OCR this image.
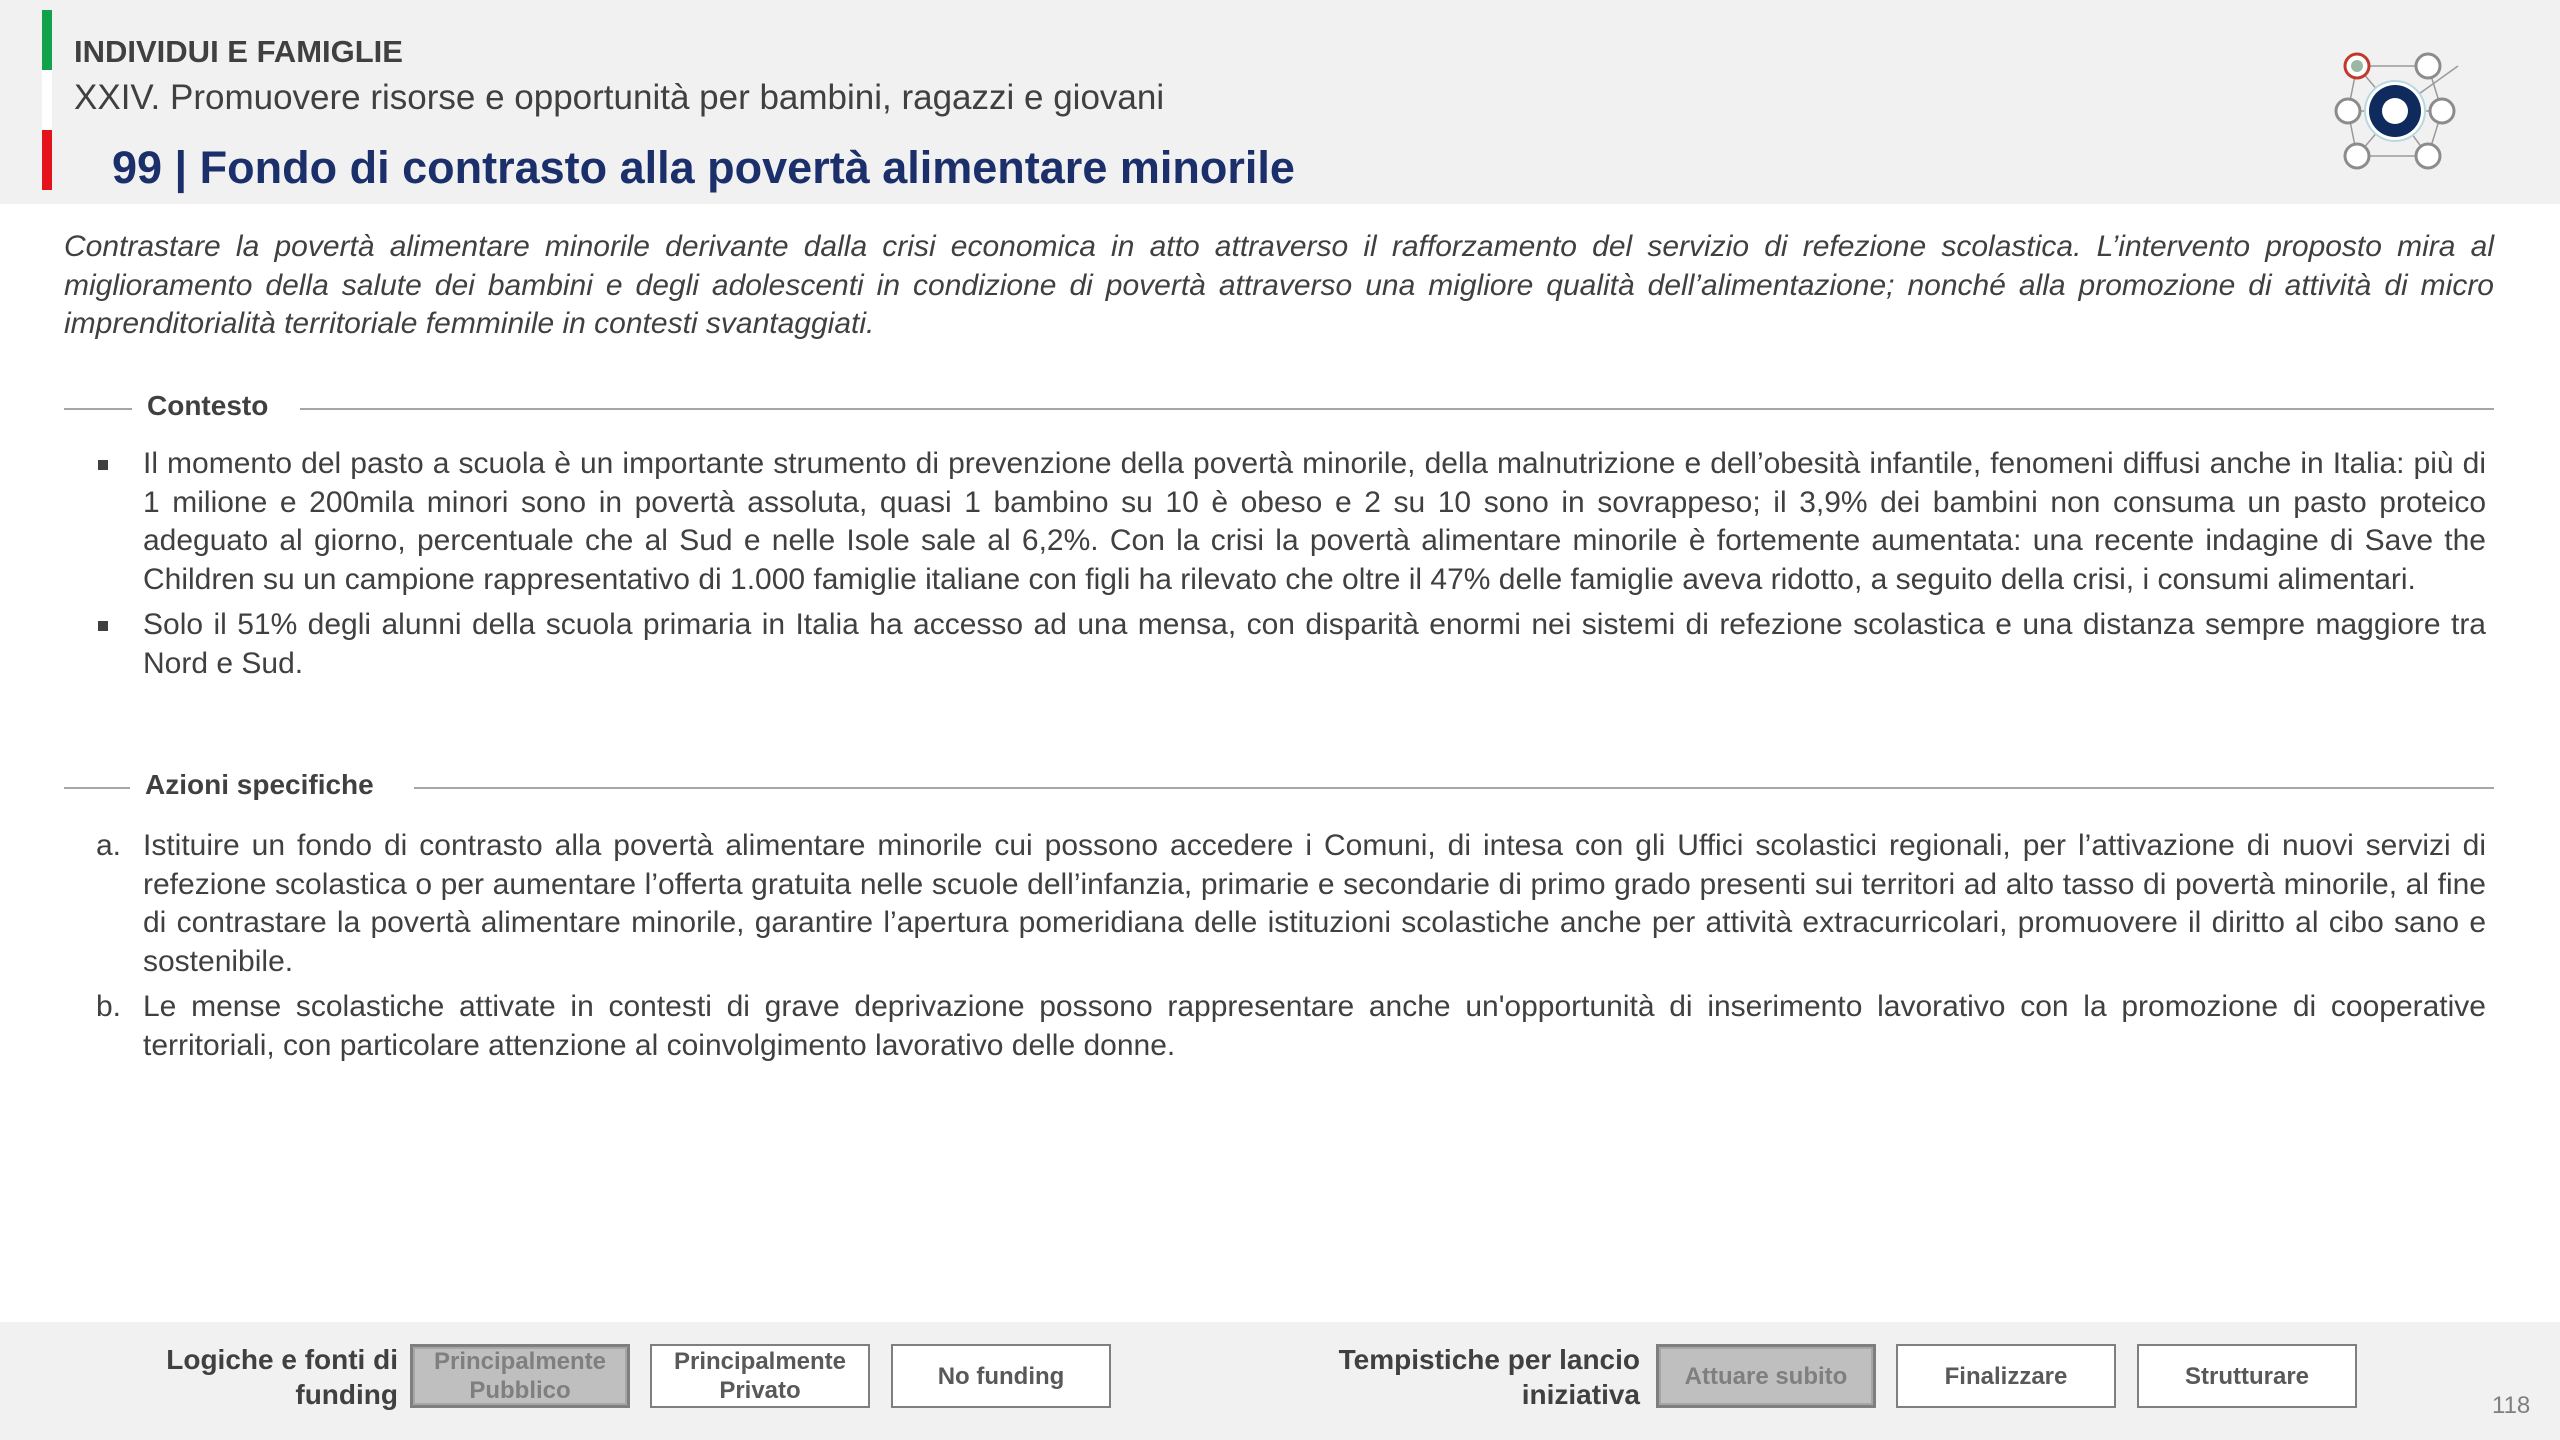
INDIVIDUI E FAMIGLIE
XXIV. Promuovere risorse e opportunità per bambini, ragazzi e giovani
99 | Fondo di contrasto alla povertà alimentare minorile
Contrastare la povertà alimentare minorile derivante dalla crisi economica in atto attraverso il rafforzamento del servizio di refezione scolastica. L’intervento proposto mira al miglioramento della salute dei bambini e degli adolescenti in condizione di povertà attraverso una migliore qualità dell’alimentazione; nonché alla promozione di attività di micro imprenditorialità territoriale femminile in contesti svantaggiati.
Contesto
Il momento del pasto a scuola è un importante strumento di prevenzione della povertà minorile, della malnutrizione e dell’obesità infantile, fenomeni diffusi anche in Italia: più di 1 milione e 200mila minori sono in povertà assoluta, quasi 1 bambino su 10 è obeso e 2 su 10 sono in sovrappeso; il 3,9% dei bambini non consuma un pasto proteico adeguato al giorno, percentuale che al Sud e nelle Isole sale al 6,2%. Con la crisi la povertà alimentare minorile è fortemente aumentata: una recente indagine di Save the Children su un campione rappresentativo di 1.000 famiglie italiane con figli ha rilevato che oltre il 47% delle famiglie aveva ridotto, a seguito della crisi, i consumi alimentari.
Solo il 51% degli alunni della scuola primaria in Italia ha accesso ad una mensa, con disparità enormi nei sistemi di refezione scolastica e una distanza sempre maggiore tra Nord e Sud.
Azioni specifiche
a. Istituire un fondo di contrasto alla povertà alimentare minorile cui possono accedere i Comuni, di intesa con gli Uffici scolastici regionali, per l’attivazione di nuovi servizi di refezione scolastica o per aumentare l’offerta gratuita nelle scuole dell’infanzia, primarie e secondarie di primo grado presenti sui territori ad alto tasso di povertà minorile, al fine di contrastare la povertà alimentare minorile, garantire l’apertura pomeridiana delle istituzioni scolastiche anche per attività extracurricolari, promuovere il diritto al cibo sano e sostenibile.
b. Le mense scolastiche attivate in contesti di grave deprivazione possono rappresentare anche un'opportunità di inserimento lavorativo con la promozione di cooperative territoriali, con particolare attenzione al coinvolgimento lavorativo delle donne.
Logiche e fonti di
funding
Principalmente
Pubblico
Principalmente
Privato
No funding
Tempistiche per lancio
iniziativa
Attuare subito	Finalizzare	Strutturare
118
